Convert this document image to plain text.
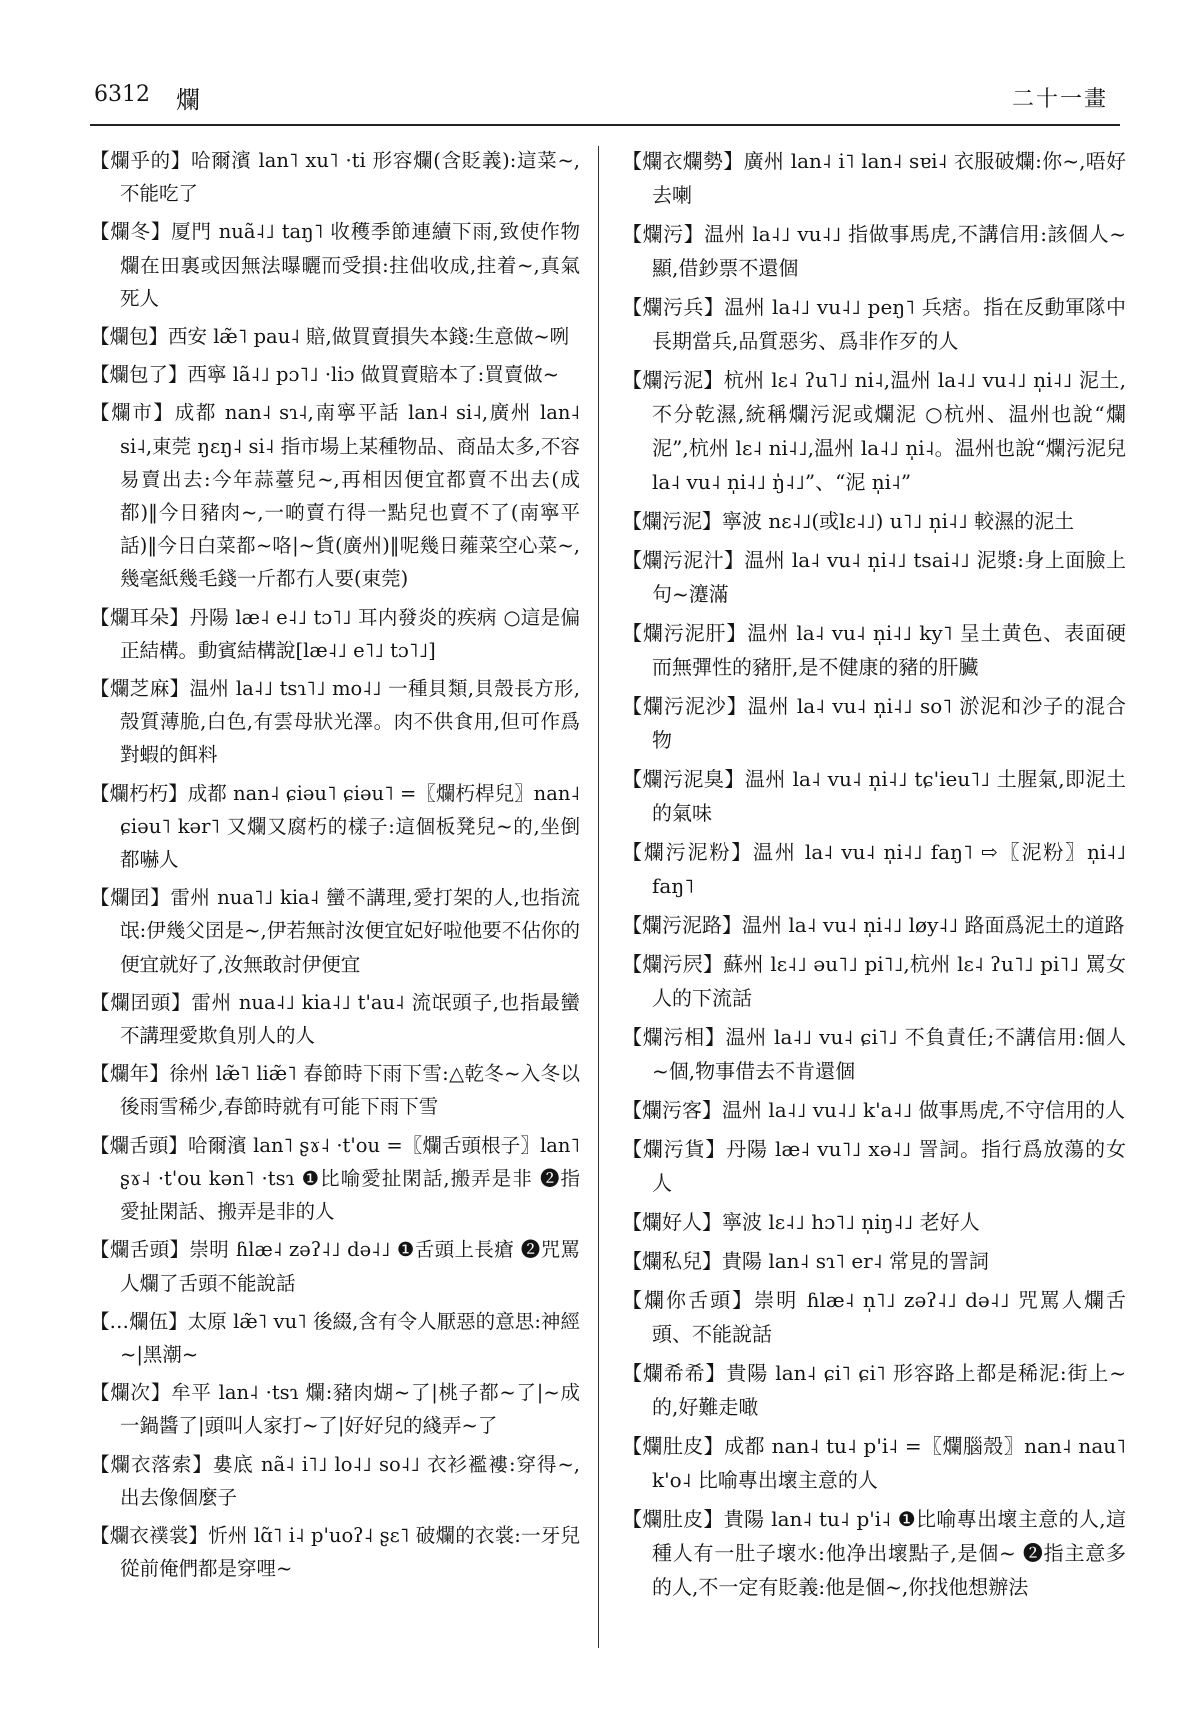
6312 爛	二十一畫

【爛乎的】哈爾濱 lan˥ xu˥ ·ti 形容爛(含貶義):這菜~,不能吃了

【爛冬】厦門 nuã˨˩ taŋ˥ 收穫季節連續下雨,致使作物爛在田裏或因無法曝曬而受損:拄㑁收成,拄着~,真氣死人

【爛包】西安 læ̃˥ pau˨ 賠,做買賣損失本錢:生意做~咧

【爛包了】西寧 lã˨˩ pɔ˥˩ ·liɔ 做買賣賠本了:買賣做~

【爛市】成都 nan˨ sɿ˨,南寧平話 lan˨ si˨,廣州 lan˨ si˨,東莞 ŋɛŋ˨ si˨ 指市場上某種物品、商品太多,不容易賣出去:今年蒜薹兒~,再相因便宜都賣不出去(成都)‖今日豬肉~,一啲賣冇得一點兒也賣不了(南寧平話)‖今日白菜都~咯|~貨(廣州)‖呢幾日蕹菜空心菜~,幾毫紙幾毛錢一斤都冇人要(東莞)

【爛耳朵】丹陽 læ˨ e˨˩ tɔ˥˩ 耳内發炎的疾病 ○這是偏正結構。動賓結構說[læ˨˩ e˥˩ tɔ˥˩]

【爛芝麻】温州 la˨˩ tsɿ˥˩ mo˨˩ 一種貝類,貝殼長方形,殼質薄脆,白色,有雲母狀光澤。肉不供食用,但可作爲對蝦的餌料

【爛朽朽】成都 nan˨ ɕiəu˥ ɕiəu˥ =〖爛朽桿兒〗nan˨ ɕiəu˥ kər˥ 又爛又腐朽的樣子:這個板凳兒~的,坐倒都嚇人

【爛囝】雷州 nua˥˩ kia˨ 蠻不講理,愛打架的人,也指流氓:伊幾父囝是~,伊若無討汝便宜妃好啦他要不佔你的便宜就好了,汝無敢討伊便宜

【爛囝頭】雷州 nua˨˩ kia˨˩ t'au˨ 流氓頭子,也指最蠻不講理愛欺負別人的人

【爛年】徐州 læ̃˥ liæ̃˥ 春節時下雨下雪:△乾冬~入冬以後雨雪稀少,春節時就有可能下雨下雪

【爛舌頭】哈爾濱 lan˥ ʂɤ˨ ·t'ou =〖爛舌頭根子〗lan˥ ʂɤ˨ ·t'ou kən˥ ·tsɿ ❶比喻愛扯閑話,搬弄是非 ❷指愛扯閑話、搬弄是非的人

【爛舌頭】崇明 ɦlæ˨ zəʔ˨˩ də˨˩ ❶舌頭上長瘡 ❷咒罵人爛了舌頭不能說話

【…爛伍】太原 læ̃˥ vu˥ 後綴,含有令人厭惡的意思:神經~|黑潮~

【爛次】牟平 lan˨ ·tsɿ 爛:豬肉煳~了|桃子都~了|~成一鍋醬了|頭叫人家打~了|好好兒的綫弄~了

【爛衣落索】婁底 nã˨ i˥˩ lo˨˩ so˨˩ 衣衫襤褸:穿得~,出去像個麼子

【爛衣襆裳】忻州 lɑ̃˥ i˨ p'uoʔ˨ ʂɛ˥ 破爛的衣裳:一牙兒從前俺們都是穿哩~

【爛衣爛勢】廣州 lan˨ i˥ lan˨ sɐi˨ 衣服破爛:你~,唔好去喇

【爛污】温州 la˨˩ vu˨˩ 指做事馬虎,不講信用:該個人~顯,借鈔票不還個

【爛污兵】温州 la˨˩ vu˨˩ peŋ˥ 兵痞。指在反動軍隊中長期當兵,品質惡劣、爲非作歹的人

【爛污泥】杭州 lɛ˨ ʔu˥˩ ni˨,温州 la˨˩ vu˨˩ n̩i˨˩ 泥土,不分乾濕,統稱爛污泥或爛泥 ○杭州、温州也說“爛泥”,杭州 lɛ˨ ni˨˩,温州 la˨˩ n̩i˨。温州也說“爛污泥兒 la˨ vu˨ n̩i˨˩ ŋ̍˨˩”、“泥 n̩i˨”

【爛污泥】寧波 nɛ˨˩(或lɛ˨˩) u˥˩ n̩i˨˩ 較濕的泥土

【爛污泥汁】温州 la˨ vu˨ n̩i˨˩ tsai˨˩ 泥漿:身上面臉上句~瀽滿

【爛污泥肝】温州 la˨ vu˨ n̩i˨˩ ky˥ 呈土黄色、表面硬而無彈性的豬肝,是不健康的豬的肝臟

【爛污泥沙】温州 la˨ vu˨ n̩i˨˩ so˥ 淤泥和沙子的混合物

【爛污泥臭】温州 la˨ vu˨ n̩i˨˩ tɕ'ieu˥˩ 土腥氣,即泥土的氣味

【爛污泥粉】温州 la˨ vu˨ n̩i˨˩ faŋ˥ ⇨〖泥粉〗n̩i˨˩ faŋ˥

【爛污泥路】温州 la˨ vu˨ n̩i˨˩ løy˨˩ 路面爲泥土的道路

【爛污屄】蘇州 lɛ˨˩ əu˥˩ pi˥˩,杭州 lɛ˨ ʔu˥˩ pi˥˩ 罵女人的下流話

【爛污相】温州 la˨˩ vu˨ ɕi˥˩ 不負責任;不講信用:個人~個,物事借去不肯還個

【爛污客】温州 la˨˩ vu˨˩ k'a˨˩ 做事馬虎,不守信用的人

【爛污貨】丹陽 læ˨ vu˥˩ xə˨˩ 詈詞。指行爲放蕩的女人

【爛好人】寧波 lɛ˨˩ hɔ˥˩ n̩iŋ˨˩ 老好人

【爛私兒】貴陽 lan˨ sɿ˥ er˨ 常見的詈詞

【爛你舌頭】崇明 ɦlæ˨ n̩˥˩ zəʔ˨˩ də˨˩ 咒罵人爛舌頭、不能說話

【爛希希】貴陽 lan˨ ɕi˥ ɕi˥ 形容路上都是稀泥:街上~的,好難走噉

【爛肚皮】成都 nan˨ tu˨ p'i˨ =〖爛腦殼〗nan˨ nau˥ k'o˨ 比喻專出壞主意的人

【爛肚皮】貴陽 lan˨ tu˨ p'i˨ ❶比喻專出壞主意的人,這種人有一肚子壞水:他净出壞點子,是個~ ❷指主意多的人,不一定有貶義:他是個~,你找他想辦法
